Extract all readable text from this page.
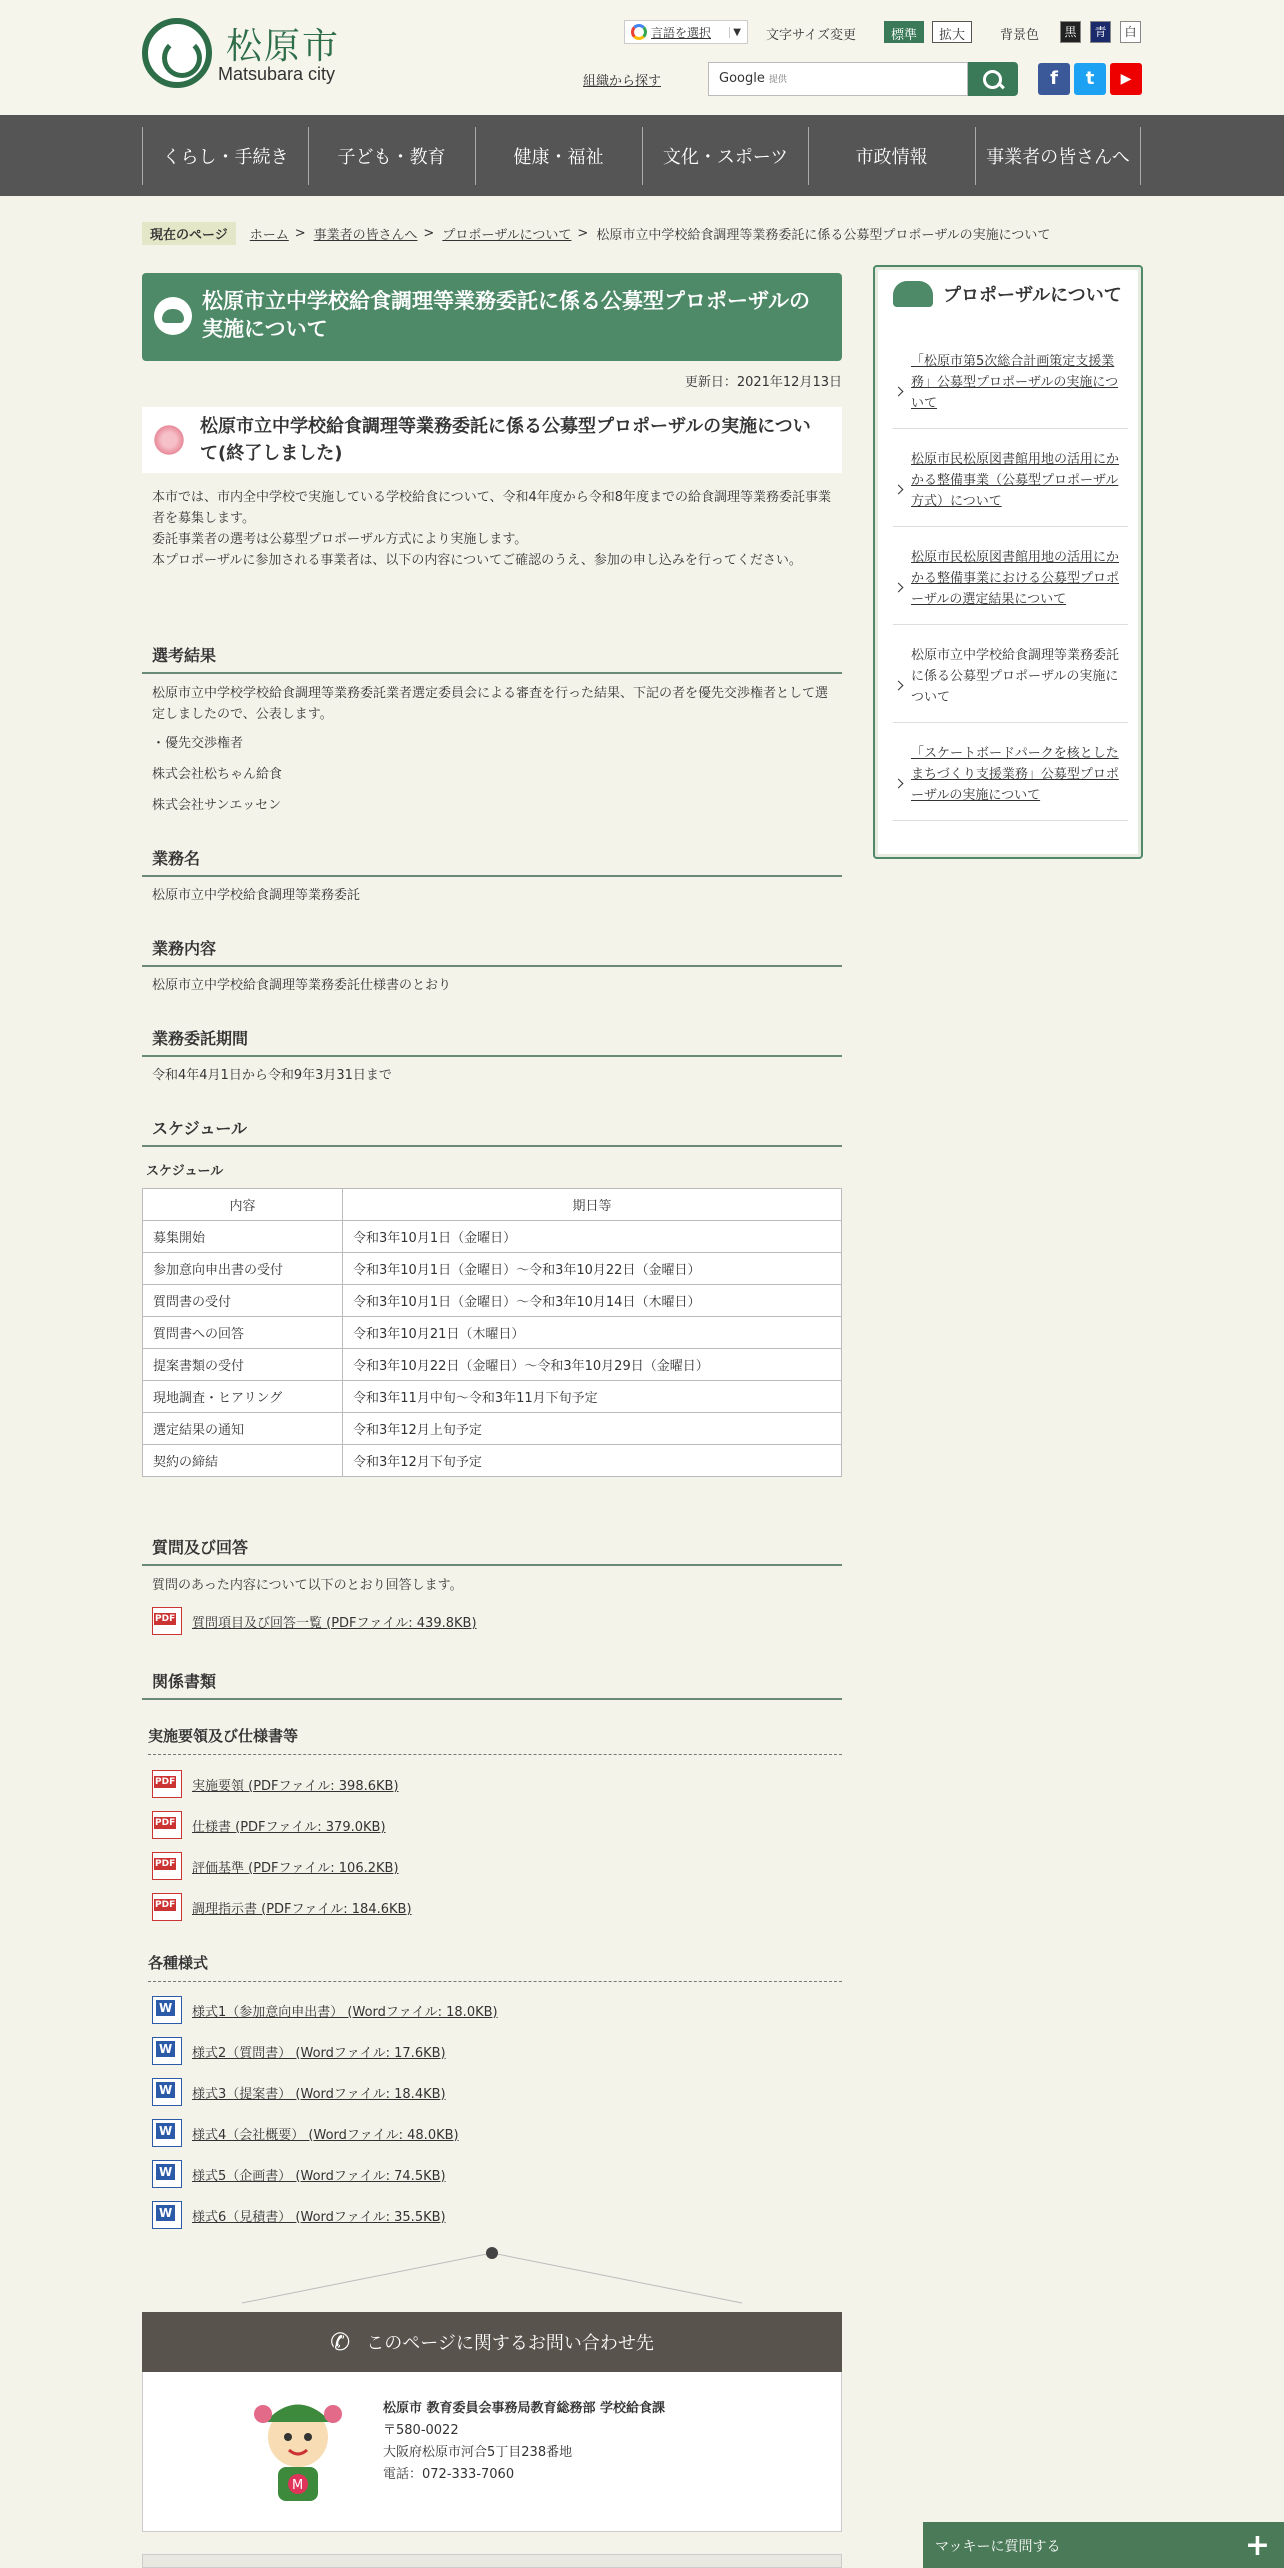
松原市
Matsubara city
言語を選択	▼ 文字サイズ変更	標準	拡大	背景色	黒	青	白
組織から探す	Google 提供	f	t	▶
くらし・手続き	子ども・教育	健康・福祉	文化・スポーツ	市政情報	事業者の皆さんへ
現在のページ	ホーム > 事業者の皆さんへ > プロポーザルについて > 松原市立中学校給食調理等業務委託に係る公募型プロポーザルの実施について
松原市立中学校給食調理等業務委託に係る公募型プロポーザルの実施について
更新日：2021年12月13日
松原市立中学校給食調理等業務委託に係る公募型プロポーザルの実施について(終了しました)
本市では、市内全中学校で実施している学校給食について、令和4年度から令和8年度までの給食調理等業務委託事業者を募集します。
委託事業者の選考は公募型プロポーザル方式により実施します。
本プロポーザルに参加される事業者は、以下の内容についてご確認のうえ、参加の申し込みを行ってください。
選考結果
松原市立中学校学校給食調理等業務委託業者選定委員会による審査を行った結果、下記の者を優先交渉権者として選定しましたので、公表します。
・優先交渉権者
株式会社松ちゃん給食
株式会社サンエッセン
業務名
松原市立中学校給食調理等業務委託
業務内容
松原市立中学校給食調理等業務委託仕様書のとおり
業務委託期間
令和4年4月1日から令和9年3月31日まで
スケジュール
スケジュール
内容	期日等
募集開始	令和3年10月1日（金曜日）
参加意向申出書の受付	令和3年10月1日（金曜日）～令和3年10月22日（金曜日）
質問書の受付	令和3年10月1日（金曜日）～令和3年10月14日（木曜日）
質問書への回答	令和3年10月21日（木曜日）
提案書類の受付	令和3年10月22日（金曜日）～令和3年10月29日（金曜日）
現地調査・ヒアリング	令和3年11月中旬～令和3年11月下旬予定
選定結果の通知	令和3年12月上旬予定
契約の締結	令和3年12月下旬予定
質問及び回答
質問のあった内容について以下のとおり回答します。
PDF
質問項目及び回答一覧 (PDFファイル: 439.8KB)
関係書類
実施要領及び仕様書等
PDF
実施要領 (PDFファイル: 398.6KB)
PDF
仕様書 (PDFファイル: 379.0KB)
PDF
評価基準 (PDFファイル: 106.2KB)
PDF
調理指示書 (PDFファイル: 184.6KB)
各種様式
W
様式1（参加意向申出書） (Wordファイル: 18.0KB)
W
様式2（質問書） (Wordファイル: 17.6KB)
W
様式3（提案書） (Wordファイル: 18.4KB)
W
様式4（会社概要） (Wordファイル: 48.0KB)
W
様式5（企画書） (Wordファイル: 74.5KB)
W
様式6（見積書） (Wordファイル: 35.5KB)
プロポーザルについて
「松原市第5次総合計画策定支援業務」公募型プロポーザルの実施について
松原市民松原図書館用地の活用にかかる整備事業（公募型プロポーザル方式）について
松原市民松原図書館用地の活用にかかる整備事業における公募型プロポーザルの選定結果について
松原市立中学校給食調理等業務委託に係る公募型プロポーザルの実施について
「スケートボードパークを核としたまちづくり支援業務」公募型プロポーザルの実施について
✆ このページに関するお問い合わせ先
M
松原市 教育委員会事務局教育総務部 学校給食課
〒580-0022
大阪府松原市河合5丁目238番地
電話：072-333-7060
マッキーに質問する	+
